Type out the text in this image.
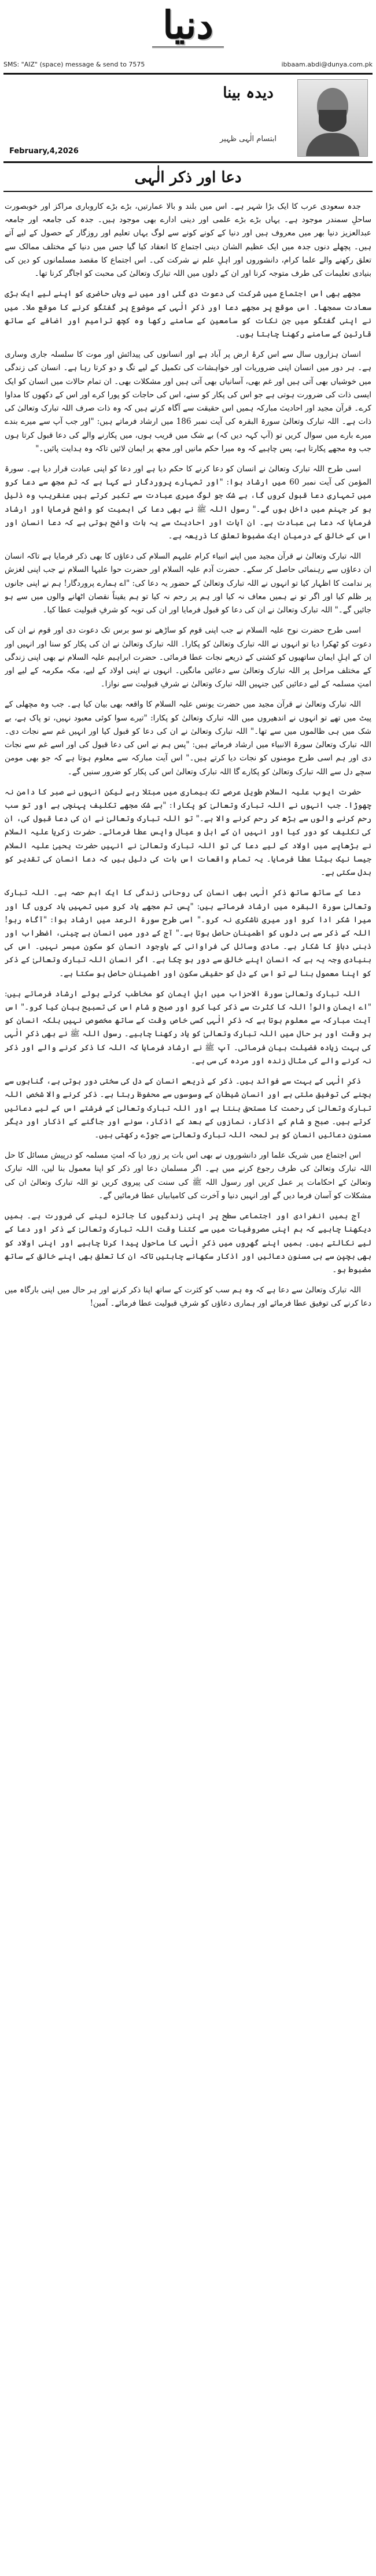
دنیا
SMS: "AIZ" (space) message & send to 7575	ibbaam.abdi@dunya.com.pk
دیدہ بینا
ابتسام الٰہی ظہیر
February,4,2026
دعا اور ذکر الٰہی

جدہ سعودی عرب کا ایک بڑا شہر ہے۔ اس میں بلند و بالا عمارتیں، بڑے بڑے کاروباری مراکز اور خوبصورت ساحلِ سمندر موجود ہے۔ یہاں بڑے بڑے علمی اور دینی ادارے بھی موجود ہیں۔ جدہ کی جامعہ اور جامعہ عبدالعزیز دنیا بھر میں معروف ہیں اور دنیا کے کونے کونے سے لوگ یہاں تعلیم اور روزگار کے حصول کے لیے آتے ہیں۔ پچھلے دنوں جدہ میں ایک عظیم الشان دینی اجتماع کا انعقاد کیا گیا جس میں دنیا کے مختلف ممالک سے تعلق رکھنے والے علما کرام، دانشوروں اور اہلِ علم نے شرکت کی۔ اس اجتماع کا مقصد مسلمانوں کو دین کی بنیادی تعلیمات کی طرف متوجہ کرنا اور ان کے دلوں میں اللہ تبارک وتعالیٰ کی محبت کو اجاگر کرنا تھا۔

مجھے بھی اس اجتماع میں شرکت کی دعوت دی گئی اور میں نے وہاں حاضری کو اپنے لیے ایک بڑی سعادت سمجھا۔ اس موقع پر مجھے دعا اور ذکرِ الٰہی کے موضوع پر گفتگو کرنے کا موقع ملا۔ میں نے اپنی گفتگو میں جن نکات کو سامعین کے سامنے رکھا وہ کچھ ترامیم اور اضافے کے ساتھ قارئین کے سامنے رکھنا چاہتا ہوں۔

انسان ہزاروں سال سے اس کرۂ ارض پر آباد ہے اور انسانوں کی پیدائش اور موت کا سلسلہ جاری وساری ہے۔ ہر دور میں انسان اپنی ضروریات اور خواہشات کی تکمیل کے لیے تگ و دو کرتا رہا ہے۔ انسان کی زندگی میں خوشیاں بھی آتی ہیں اور غم بھی، آسانیاں بھی آتی ہیں اور مشکلات بھی۔ ان تمام حالات میں انسان کو ایک ایسی ذات کی ضرورت ہوتی ہے جو اس کی پکار کو سنے، اس کی حاجات کو پورا کرے اور اس کے دکھوں کا مداوا کرے۔ قرآن مجید اور احادیث مبارکہ ہمیں اس حقیقت سے آگاہ کرتے ہیں کہ وہ ذات صرف اللہ تبارک وتعالیٰ کی ذات ہے۔ اللہ تبارک وتعالیٰ سورۃ البقرہ کی آیت نمبر 186 میں ارشاد فرماتے ہیں: "اور جب آپ سے میرے بندے میرے بارے میں سوال کریں تو (آپ کہہ دیں کہ) بے شک میں قریب ہوں، میں پکارنے والے کی دعا قبول کرتا ہوں جب وہ مجھے پکارتا ہے، پس چاہیے کہ وہ میرا حکم مانیں اور مجھ پر ایمان لائیں تاکہ وہ ہدایت پائیں۔"

اسی طرح اللہ تبارک وتعالیٰ نے انسان کو دعا کرنے کا حکم دیا ہے اور دعا کو اپنی عبادت قرار دیا ہے۔ سورۃ المؤمن کی آیت نمبر 60 میں ارشاد ہوا: "اور تمہارے پروردگار نے کہا ہے کہ تم مجھ سے دعا کرو میں تمہاری دعا قبول کروں گا، بے شک جو لوگ میری عبادت سے تکبر کرتے ہیں عنقریب وہ ذلیل ہو کر جہنم میں داخل ہوں گے۔" رسول اللہ ﷺ نے بھی دعا کی اہمیت کو واضح فرمایا اور ارشاد فرمایا کہ دعا ہی عبادت ہے۔ ان آیات اور احادیث سے یہ بات واضح ہوتی ہے کہ دعا انسان اور اس کے خالق کے درمیان ایک مضبوط تعلق کا ذریعہ ہے۔

اللہ تبارک وتعالیٰ نے قرآن مجید میں اپنے انبیاء کرام علیہم السلام کی دعاؤں کا بھی ذکر فرمایا ہے تاکہ انسان ان دعاؤں سے رہنمائی حاصل کر سکے۔ حضرت آدم علیہ السلام اور حضرت حوا علیہا السلام نے جب اپنی لغزش پر ندامت کا اظہار کیا تو انہوں نے اللہ تبارک وتعالیٰ کے حضور یہ دعا کی: "اے ہمارے پروردگار! ہم نے اپنی جانوں پر ظلم کیا اور اگر تو نے ہمیں معاف نہ کیا اور ہم پر رحم نہ کیا تو ہم یقیناً نقصان اٹھانے والوں میں سے ہو جائیں گے۔" اللہ تبارک وتعالیٰ نے ان کی دعا کو قبول فرمایا اور ان کی توبہ کو شرفِ قبولیت عطا کیا۔

اسی طرح حضرت نوح علیہ السلام نے جب اپنی قوم کو ساڑھے نو سو برس تک دعوت دی اور قوم نے ان کی دعوت کو ٹھکرا دیا تو انہوں نے اللہ تبارک وتعالیٰ کو پکارا۔ اللہ تبارک وتعالیٰ نے ان کی پکار کو سنا اور انہیں اور ان کے اہلِ ایمان ساتھیوں کو کشتی کے ذریعے نجات عطا فرمائی۔ حضرت ابراہیم علیہ السلام نے بھی اپنی زندگی کے مختلف مراحل پر اللہ تبارک وتعالیٰ سے دعائیں مانگیں۔ انہوں نے اپنی اولاد کے لیے، مکہ مکرمہ کے لیے اور امتِ مسلمہ کے لیے دعائیں کیں جنہیں اللہ تبارک وتعالیٰ نے شرفِ قبولیت سے نوازا۔

اللہ تبارک وتعالیٰ نے قرآن مجید میں حضرت یونس علیہ السلام کا واقعہ بھی بیان کیا ہے۔ جب وہ مچھلی کے پیٹ میں تھے تو انہوں نے اندھیروں میں اللہ تبارک وتعالیٰ کو پکارا: "تیرے سوا کوئی معبود نہیں، تو پاک ہے، بے شک میں ہی ظالموں میں سے تھا۔" اللہ تبارک وتعالیٰ نے ان کی دعا کو قبول کیا اور انہیں غم سے نجات دی۔ اللہ تبارک وتعالیٰ سورۃ الانبیاء میں ارشاد فرماتے ہیں: "پس ہم نے اس کی دعا قبول کی اور اسے غم سے نجات دی اور ہم اسی طرح مومنوں کو نجات دیا کرتے ہیں۔" اس آیت مبارکہ سے معلوم ہوتا ہے کہ جو بھی مومن سچے دل سے اللہ تبارک وتعالیٰ کو پکارے گا اللہ تبارک وتعالیٰ اس کی پکار کو ضرور سنیں گے۔

حضرت ایوب علیہ السلام طویل عرصے تک بیماری میں مبتلا رہے لیکن انہوں نے صبر کا دامن نہ چھوڑا۔ جب انہوں نے اللہ تبارک وتعالیٰ کو پکارا: "بے شک مجھے تکلیف پہنچی ہے اور تو سب رحم کرنے والوں سے بڑھ کر رحم کرنے والا ہے۔" تو اللہ تبارک وتعالیٰ نے ان کی دعا قبول کی، ان کی تکلیف کو دور کیا اور انہیں ان کے اہل و عیال واپس عطا فرمائے۔ حضرت زکریا علیہ السلام نے بڑھاپے میں اولاد کے لیے دعا کی تو اللہ تبارک وتعالیٰ نے انہیں حضرت یحییٰ علیہ السلام جیسا نیک بیٹا عطا فرمایا۔ یہ تمام واقعات اس بات کی دلیل ہیں کہ دعا انسان کی تقدیر کو بدل سکتی ہے۔

دعا کے ساتھ ساتھ ذکرِ الٰہی بھی انسان کی روحانی زندگی کا ایک اہم حصہ ہے۔ اللہ تبارک وتعالیٰ سورۃ البقرہ میں ارشاد فرماتے ہیں: "پس تم مجھے یاد کرو میں تمہیں یاد کروں گا اور میرا شکر ادا کرو اور میری ناشکری نہ کرو۔" اسی طرح سورۃ الرعد میں ارشاد ہوا: "آگاہ رہو! اللہ کے ذکر سے ہی دلوں کو اطمینان حاصل ہوتا ہے۔" آج کے دور میں انسان بے چینی، اضطراب اور ذہنی دباؤ کا شکار ہے۔ مادی وسائل کی فراوانی کے باوجود انسان کو سکون میسر نہیں۔ اس کی بنیادی وجہ یہ ہے کہ انسان اپنے خالق سے دور ہو چکا ہے۔ اگر انسان اللہ تبارک وتعالیٰ کے ذکر کو اپنا معمول بنا لے تو اس کے دل کو حقیقی سکون اور اطمینان حاصل ہو سکتا ہے۔

اللہ تبارک وتعالیٰ سورۃ الاحزاب میں اہلِ ایمان کو مخاطب کرتے ہوئے ارشاد فرماتے ہیں: "اے ایمان والو! اللہ کا کثرت سے ذکر کیا کرو اور صبح و شام اس کی تسبیح بیان کیا کرو۔" اس آیت مبارکہ سے معلوم ہوتا ہے کہ ذکرِ الٰہی کسی خاص وقت کے ساتھ مخصوص نہیں بلکہ انسان کو ہر وقت اور ہر حال میں اللہ تبارک وتعالیٰ کو یاد رکھنا چاہیے۔ رسول اللہ ﷺ نے بھی ذکرِ الٰہی کی بہت زیادہ فضیلت بیان فرمائی۔ آپ ﷺ نے ارشاد فرمایا کہ اللہ کا ذکر کرنے والے اور ذکر نہ کرنے والے کی مثال زندہ اور مردہ کی سی ہے۔

ذکرِ الٰہی کے بہت سے فوائد ہیں۔ ذکر کے ذریعے انسان کے دل کی سختی دور ہوتی ہے، گناہوں سے بچنے کی توفیق ملتی ہے اور انسان شیطان کے وسوسوں سے محفوظ رہتا ہے۔ ذکر کرنے والا شخص اللہ تبارک وتعالیٰ کی رحمت کا مستحق بنتا ہے اور اللہ تبارک وتعالیٰ کے فرشتے اس کے لیے دعائیں کرتے ہیں۔ صبح و شام کے اذکار، نمازوں کے بعد کے اذکار، سونے اور جاگنے کے اذکار اور دیگر مسنون دعائیں انسان کو ہر لمحہ اللہ تبارک وتعالیٰ سے جوڑے رکھتی ہیں۔

اس اجتماع میں شریک علما اور دانشوروں نے بھی اس بات پر زور دیا کہ امتِ مسلمہ کو درپیش مسائل کا حل اللہ تبارک وتعالیٰ کی طرف رجوع کرنے میں ہے۔ اگر مسلمان دعا اور ذکر کو اپنا معمول بنا لیں، اللہ تبارک وتعالیٰ کے احکامات پر عمل کریں اور رسول اللہ ﷺ کی سنت کی پیروی کریں تو اللہ تبارک وتعالیٰ ان کی مشکلات کو آسان فرما دیں گے اور انہیں دنیا و آخرت کی کامیابیاں عطا فرمائیں گے۔

آج ہمیں انفرادی اور اجتماعی سطح پر اپنی زندگیوں کا جائزہ لینے کی ضرورت ہے۔ ہمیں دیکھنا چاہیے کہ ہم اپنی مصروفیات میں سے کتنا وقت اللہ تبارک وتعالیٰ کے ذکر اور دعا کے لیے نکالتے ہیں۔ ہمیں اپنے گھروں میں ذکرِ الٰہی کا ماحول پیدا کرنا چاہیے اور اپنی اولاد کو بھی بچپن سے ہی مسنون دعائیں اور اذکار سکھانے چاہئیں تاکہ ان کا تعلق بھی اپنے خالق کے ساتھ مضبوط ہو۔

اللہ تبارک وتعالیٰ سے دعا ہے کہ وہ ہم سب کو کثرت کے ساتھ اپنا ذکر کرنے اور ہر حال میں اپنی بارگاہ میں دعا کرنے کی توفیق عطا فرمائے اور ہماری دعاؤں کو شرفِ قبولیت عطا فرمائے۔ آمین!
